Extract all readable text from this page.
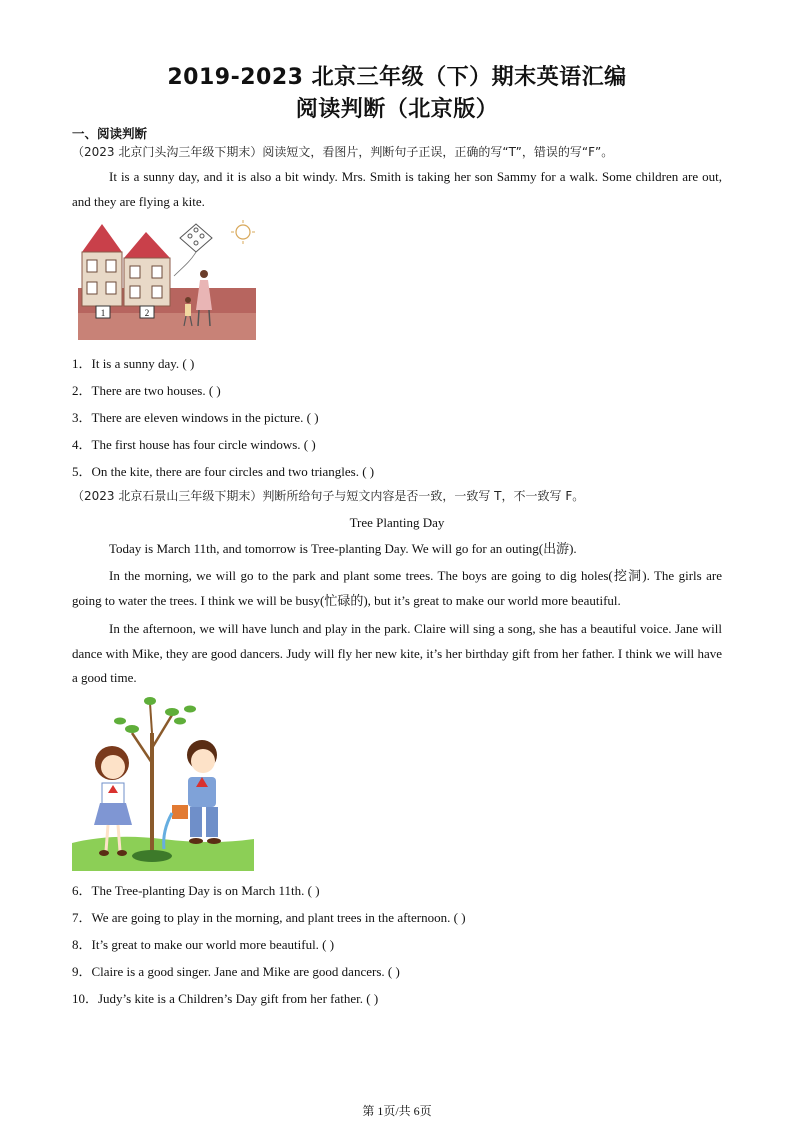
2019-2023 北京三年级（下）期末英语汇编
阅读判断（北京版）
一、阅读判断
（2023 北京门头沟三年级下期末）阅读短文，看图片，判断句子正误，正确的写“T”，错误的写“F”。
It is a sunny day, and it is also a bit windy. Mrs. Smith is taking her son Sammy for a walk. Some children are out, and they are flying a kite.
1	2
1．It is a sunny day. ( )
2．There are two houses. ( )
3．There are eleven windows in the picture. ( )
4．The first house has four circle windows. ( )
5．On the kite, there are four circles and two triangles. ( )
（2023 北京石景山三年级下期末）判断所给句子与短文内容是否一致，一致写 T，不一致写 F。
Tree Planting Day
Today is March 11th, and tomorrow is Tree-planting Day. We will go for an outing(出游).
In the morning, we will go to the park and plant some trees. The boys are going to dig holes(挖洞). The girls are going to water the trees. I think we will be busy(忙碌的), but it’s great to make our world more beautiful.
In the afternoon, we will have lunch and play in the park. Claire will sing a song, she has a beautiful voice. Jane will dance with Mike, they are good dancers. Judy will fly her new kite, it’s her birthday gift from her father. I think we will have a good time.
6．The Tree-planting Day is on March 11th. ( )
7．We are going to play in the morning, and plant trees in the afternoon. ( )
8．It’s great to make our world more beautiful. ( )
9．Claire is a good singer. Jane and Mike are good dancers. ( )
10．Judy’s kite is a Children’s Day gift from her father. ( )
第 1页/共 6页
